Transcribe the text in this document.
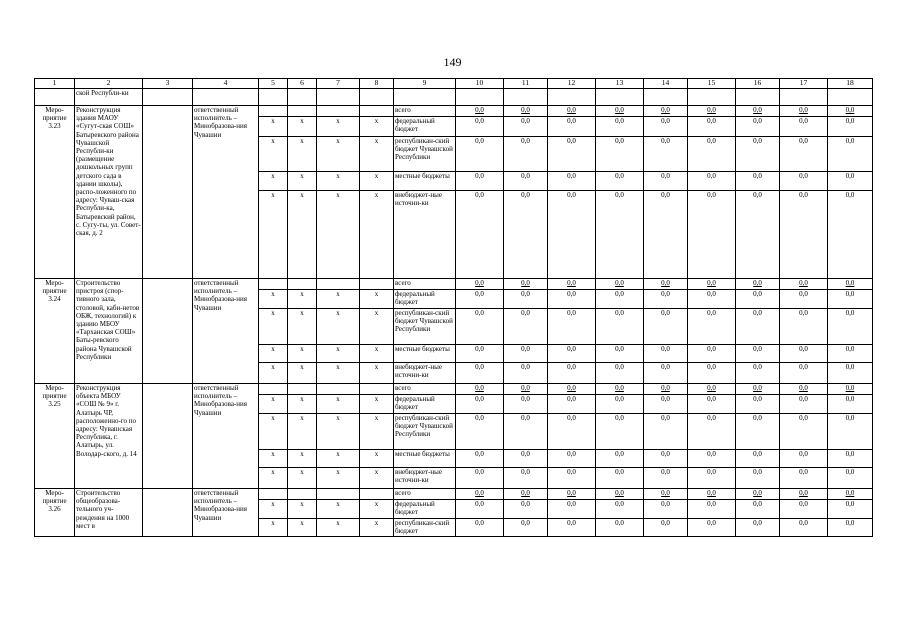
149
1	2	3	4	5	6	7	8	9	10	11	12	13	14	15	16	17	18
	ской Республи-ки																
Меро-приятие 3.23	Реконструкция здания МАОУ «Сугут-ская СОШ» Батыревского района Чувашской Республи-ки (размещение дошкольных групп детского сада в здании школы), распо-ложенного по адресу: Чуваш-ская Республи-ка, Батыревский район, с. Сугу-ты, ул. Совет-ская, д. 2		ответственный исполнитель – Минобразова-ния Чувашии					всего	0,0	0,0	0,0	0,0	0,0	0,0	0,0	0,0	0,0
				х	х	х	х	федеральный бюджет	0,0	0,0	0,0	0,0	0,0	0,0	0,0	0,0	0,0
				х	х	х	х	республикан-ский бюджет Чувашской Республики	0,0	0,0	0,0	0,0	0,0	0,0	0,0	0,0	0,0
				х	х	х	х	местные бюджеты	0,0	0,0	0,0	0,0	0,0	0,0	0,0	0,0	0,0
				х	х	х	х	внебюджет-ные источни-ки	0,0	0,0	0,0	0,0	0,0	0,0	0,0	0,0	0,0
Меро-приятие 3.24	Строительство пристроя (спор-тивного зала, столовой, каби-нетов ОБЖ, технологий) к зданию МБОУ «Тарханская СОШ» Баты-ревского района Чувашской Республики		ответственный исполнитель – Минобразова-ния Чувашии					всего	0,0	0,0	0,0	0,0	0,0	0,0	0,0	0,0	0,0
				х	х	х	х	федеральный бюджет	0,0	0,0	0,0	0,0	0,0	0,0	0,0	0,0	0,0
				х	х	х	х	республикан-ский бюджет Чувашской Республики	0,0	0,0	0,0	0,0	0,0	0,0	0,0	0,0	0,0
				х	х	х	х	местные бюджеты	0,0	0,0	0,0	0,0	0,0	0,0	0,0	0,0	0,0
				х	х	х	х	внебюджет-ные источни-ки	0,0	0,0	0,0	0,0	0,0	0,0	0,0	0,0	0,0
Меро-приятие 3.25	Реконструкция объекта МБОУ «СОШ № 9» г. Алатырь ЧР, расположенно-го по адресу: Чувашская Республика, г. Алатырь, ул. Володар-ского, д. 14		ответственный исполнитель – Минобразова-ния Чувашии					всего	0,0	0,0	0,0	0,0	0,0	0,0	0,0	0,0	0,0
				х	х	х	х	федеральный бюджет	0,0	0,0	0,0	0,0	0,0	0,0	0,0	0,0	0,0
				х	х	х	х	республикан-ский бюджет Чувашской Республики	0,0	0,0	0,0	0,0	0,0	0,0	0,0	0,0	0,0
				х	х	х	х	местные бюджеты	0,0	0,0	0,0	0,0	0,0	0,0	0,0	0,0	0,0
				х	х	х	х	внебюджет-ные источни-ки	0,0	0,0	0,0	0,0	0,0	0,0	0,0	0,0	0,0
Меро-приятие 3.26	Строительство общеобразова-тельного уч-реждения на 1000 мест в		ответственный исполнитель – Минобразова-ния Чувашии					всего	0,0	0,0	0,0	0,0	0,0	0,0	0,0	0,0	0,0
				х	х	х	х	федеральный бюджет	0,0	0,0	0,0	0,0	0,0	0,0	0,0	0,0	0,0
				х	х	х	х	республикан-ский бюджет	0,0	0,0	0,0	0,0	0,0	0,0	0,0	0,0	0,0
